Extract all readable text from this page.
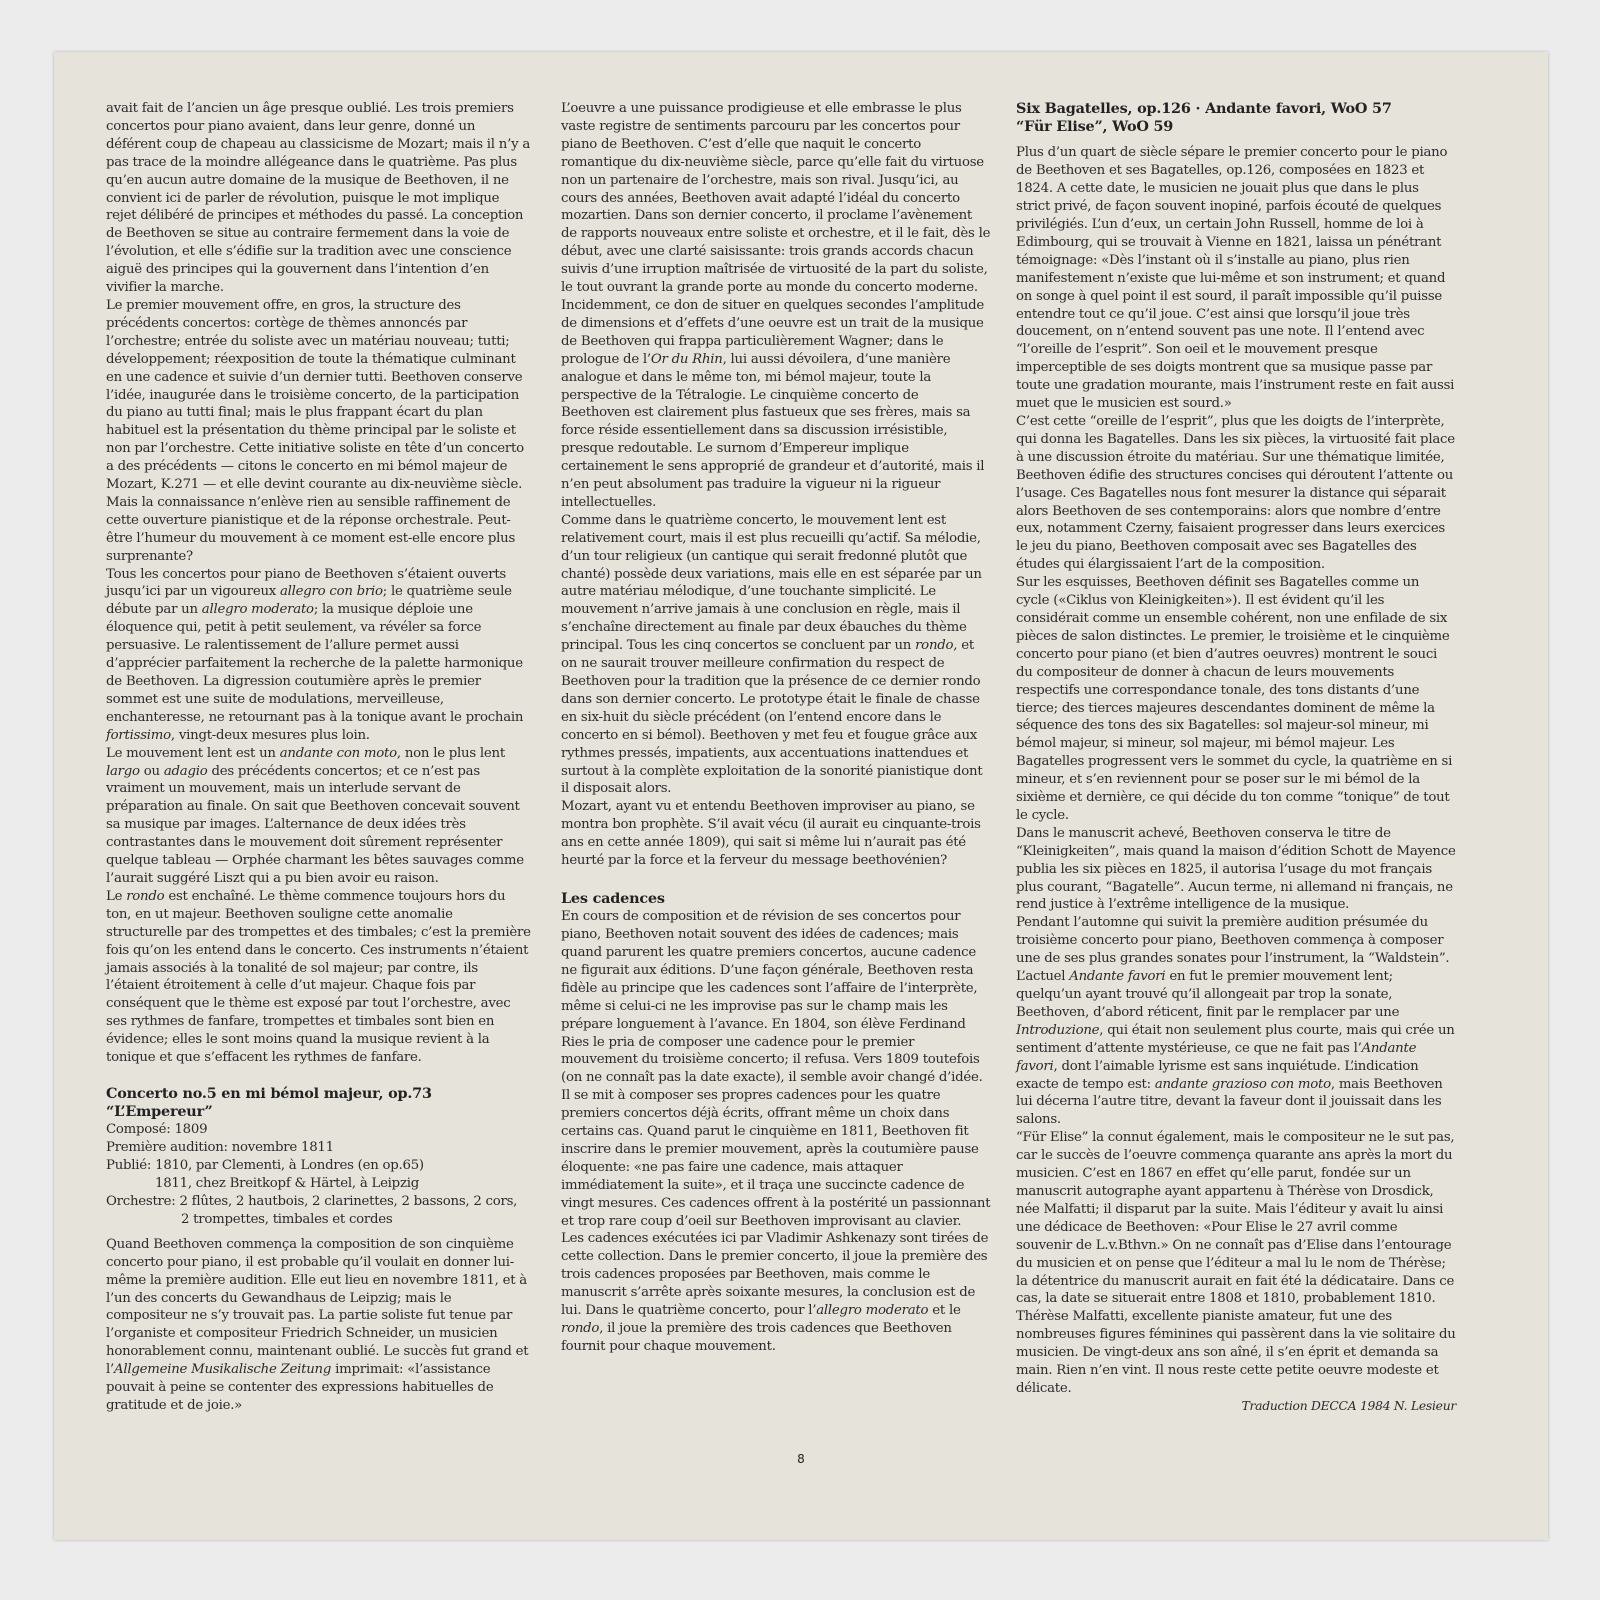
avait fait de l’ancien un âge presque oublié. Les trois premiers concertos pour piano avaient, dans leur genre, donné un déférent coup de chapeau au classicisme de Mozart; mais il n’y a pas trace de la moindre allégeance dans le quatrième. Pas plus qu’en aucun autre domaine de la musique de Beethoven, il ne convient ici de parler de révolution, puisque le mot implique rejet délibéré de principes et méthodes du passé. La conception de Beethoven se situe au contraire fermement dans la voie de l’évolution, et elle s’édifie sur la tradition avec une conscience aiguë des principes qui la gouvernent dans l’intention d’en vivifier la marche.

Le premier mouvement offre, en gros, la structure des précédents concertos: cortège de thèmes annoncés par l’orchestre; entrée du soliste avec un matériau nouveau; tutti; développement; réexposition de toute la thématique culminant en une cadence et suivie d’un dernier tutti. Beethoven conserve l’idée, inaugurée dans le troisième concerto, de la participation du piano au tutti final; mais le plus frappant écart du plan habituel est la présentation du thème principal par le soliste et non par l’orchestre. Cette initiative soliste en tête d’un concerto a des précédents — citons le concerto en mi bémol majeur de Mozart, K.271 — et elle devint courante au dix-neuvième siècle. Mais la connaissance n’enlève rien au sensible raffinement de cette ouverture pianistique et de la réponse orchestrale. Peut-être l’humeur du mouvement à ce moment est-elle encore plus surprenante?

Tous les concertos pour piano de Beethoven s’étaient ouverts jusqu’ici par un vigoureux allegro con brio; le quatrième seule débute par un allegro moderato; la musique déploie une éloquence qui, petit à petit seulement, va révéler sa force persuasive. Le ralentissement de l’allure permet aussi d’apprécier parfaitement la recherche de la palette harmonique de Beethoven. La digression coutumière après le premier sommet est une suite de modulations, merveilleuse, enchanteresse, ne retournant pas à la tonique avant le prochain fortissimo, vingt-deux mesures plus loin.

Le mouvement lent est un andante con moto, non le plus lent largo ou adagio des précédents concertos; et ce n’est pas vraiment un mouvement, mais un interlude servant de préparation au finale. On sait que Beethoven concevait souvent sa musique par images. L’alternance de deux idées très contrastantes dans le mouvement doit sûrement représenter quelque tableau — Orphée charmant les bêtes sauvages comme l’aurait suggéré Liszt qui a pu bien avoir eu raison.

Le rondo est enchaîné. Le thème commence toujours hors du ton, en ut majeur. Beethoven souligne cette anomalie structurelle par des trompettes et des timbales; c’est la première fois qu’on les entend dans le concerto. Ces instruments n’étaient jamais associés à la tonalité de sol majeur; par contre, ils l’étaient étroitement à celle d’ut majeur. Chaque fois par conséquent que le thème est exposé par tout l’orchestre, avec ses rythmes de fanfare, trompettes et timbales sont bien en évidence; elles le sont moins quand la musique revient à la tonique et que s’effacent les rythmes de fanfare.

Concerto no.5 en mi bémol majeur, op.73
“L’Empereur”
Composé: 1809
Première audition: novembre 1811
Publié: 1810, par Clementi, à Londres (en op.65)
1811, chez Breitkopf & Härtel, à Leipzig
Orchestre: 2 flûtes, 2 hautbois, 2 clarinettes, 2 bassons, 2 cors,
2 trompettes, timbales et cordes

Quand Beethoven commença la composition de son cinquième concerto pour piano, il est probable qu’il voulait en donner lui-même la première audition. Elle eut lieu en novembre 1811, et à l’un des concerts du Gewandhaus de Leipzig; mais le compositeur ne s’y trouvait pas. La partie soliste fut tenue par l’organiste et compositeur Friedrich Schneider, un musicien honorablement connu, maintenant oublié. Le succès fut grand et l’Allgemeine Musikalische Zeitung imprimait: «l’assistance pouvait à peine se contenter des expressions habituelles de gratitude et de joie.»

L’oeuvre a une puissance prodigieuse et elle embrasse le plus vaste registre de sentiments parcouru par les concertos pour piano de Beethoven. C’est d’elle que naquit le concerto romantique du dix-neuvième siècle, parce qu’elle fait du virtuose non un partenaire de l’orchestre, mais son rival. Jusqu’ici, au cours des années, Beethoven avait adapté l’idéal du concerto mozartien. Dans son dernier concerto, il proclame l’avènement de rapports nouveaux entre soliste et orchestre, et il le fait, dès le début, avec une clarté saisissante: trois grands accords chacun suivis d’une irruption maîtrisée de virtuosité de la part du soliste, le tout ouvrant la grande porte au monde du concerto moderne. Incidemment, ce don de situer en quelques secondes l’amplitude de dimensions et d’effets d’une oeuvre est un trait de la musique de Beethoven qui frappa particulièrement Wagner; dans le prologue de l’Or du Rhin, lui aussi dévoilera, d’une manière analogue et dans le même ton, mi bémol majeur, toute la perspective de la Tétralogie. Le cinquième concerto de Beethoven est clairement plus fastueux que ses frères, mais sa force réside essentiellement dans sa discussion irrésistible, presque redoutable. Le surnom d’Empereur implique certainement le sens approprié de grandeur et d’autorité, mais il n’en peut absolument pas traduire la vigueur ni la rigueur intellectuelles.

Comme dans le quatrième concerto, le mouvement lent est relativement court, mais il est plus recueilli qu’actif. Sa mélodie, d’un tour religieux (un cantique qui serait fredonné plutôt que chanté) possède deux variations, mais elle en est séparée par un autre matériau mélodique, d’une touchante simplicité. Le mouvement n’arrive jamais à une conclusion en règle, mais il s’enchaîne directement au finale par deux ébauches du thème principal. Tous les cinq concertos se concluent par un rondo, et on ne saurait trouver meilleure confirmation du respect de Beethoven pour la tradition que la présence de ce dernier rondo dans son dernier concerto. Le prototype était le finale de chasse en six-huit du siècle précédent (on l’entend encore dans le concerto en si bémol). Beethoven y met feu et fougue grâce aux rythmes pressés, impatients, aux accentuations inattendues et surtout à la complète exploitation de la sonorité pianistique dont il disposait alors.

Mozart, ayant vu et entendu Beethoven improviser au piano, se montra bon prophète. S’il avait vécu (il aurait eu cinquante-trois ans en cette année 1809), qui sait si même lui n’aurait pas été heurté par la force et la ferveur du message beethovénien?

Les cadences

En cours de composition et de révision de ses concertos pour piano, Beethoven notait souvent des idées de cadences; mais quand parurent les quatre premiers concertos, aucune cadence ne figurait aux éditions. D’une façon générale, Beethoven resta fidèle au principe que les cadences sont l’affaire de l’interprète, même si celui-ci ne les improvise pas sur le champ mais les prépare longuement à l’avance. En 1804, son élève Ferdinand Ries le pria de composer une cadence pour le premier mouvement du troisième concerto; il refusa. Vers 1809 toutefois (on ne connaît pas la date exacte), il semble avoir changé d’idée. Il se mit à composer ses propres cadences pour les quatre premiers concertos déjà écrits, offrant même un choix dans certains cas. Quand parut le cinquième en 1811, Beethoven fit inscrire dans le premier mouvement, après la coutumière pause éloquente: «ne pas faire une cadence, mais attaquer immédiatement la suite», et il traça une succincte cadence de vingt mesures. Ces cadences offrent à la postérité un passionnant et trop rare coup d’oeil sur Beethoven improvisant au clavier.

Les cadences exécutées ici par Vladimir Ashkenazy sont tirées de cette collection. Dans le premier concerto, il joue la première des trois cadences proposées par Beethoven, mais comme le manuscrit s’arrête après soixante mesures, la conclusion est de lui. Dans le quatrième concerto, pour l’allegro moderato et le rondo, il joue la première des trois cadences que Beethoven fournit pour chaque mouvement.

Six Bagatelles, op.126 · Andante favori, WoO 57
“Für Elise”, WoO 59

Plus d’un quart de siècle sépare le premier concerto pour le piano de Beethoven et ses Bagatelles, op.126, composées en 1823 et 1824. A cette date, le musicien ne jouait plus que dans le plus strict privé, de façon souvent inopiné, parfois écouté de quelques privilégiés. L’un d’eux, un certain John Russell, homme de loi à Edimbourg, qui se trouvait à Vienne en 1821, laissa un pénétrant témoignage: «Dès l’instant où il s’installe au piano, plus rien manifestement n’existe que lui-même et son instrument; et quand on songe à quel point il est sourd, il paraît impossible qu’il puisse entendre tout ce qu’il joue. C’est ainsi que lorsqu’il joue très doucement, on n’entend souvent pas une note. Il l’entend avec “l’oreille de l’esprit”. Son oeil et le mouvement presque imperceptible de ses doigts montrent que sa musique passe par toute une gradation mourante, mais l’instrument reste en fait aussi muet que le musicien est sourd.»

C’est cette “oreille de l’esprit”, plus que les doigts de l’interprète, qui donna les Bagatelles. Dans les six pièces, la virtuosité fait place à une discussion étroite du matériau. Sur une thématique limitée, Beethoven édifie des structures concises qui déroutent l’attente ou l’usage. Ces Bagatelles nous font mesurer la distance qui séparait alors Beethoven de ses contemporains: alors que nombre d’entre eux, notamment Czerny, faisaient progresser dans leurs exercices le jeu du piano, Beethoven composait avec ses Bagatelles des études qui élargissaient l’art de la composition.

Sur les esquisses, Beethoven définit ses Bagatelles comme un cycle («Ciklus von Kleinigkeiten»). Il est évident qu’il les considérait comme un ensemble cohérent, non une enfilade de six pièces de salon distinctes. Le premier, le troisième et le cinquième concerto pour piano (et bien d’autres oeuvres) montrent le souci du compositeur de donner à chacun de leurs mouvements respectifs une correspondance tonale, des tons distants d’une tierce; des tierces majeures descendantes dominent de même la séquence des tons des six Bagatelles: sol majeur-sol mineur, mi bémol majeur, si mineur, sol majeur, mi bémol majeur. Les Bagatelles progressent vers le sommet du cycle, la quatrième en si mineur, et s’en reviennent pour se poser sur le mi bémol de la sixième et dernière, ce qui décide du ton comme “tonique” de tout le cycle.

Dans le manuscrit achevé, Beethoven conserva le titre de “Kleinigkeiten”, mais quand la maison d’édition Schott de Mayence publia les six pièces en 1825, il autorisa l’usage du mot français plus courant, “Bagatelle”. Aucun terme, ni allemand ni français, ne rend justice à l’extrême intelligence de la musique.

Pendant l’automne qui suivit la première audition présumée du troisième concerto pour piano, Beethoven commença à composer une de ses plus grandes sonates pour l’instrument, la “Waldstein”. L’actuel Andante favori en fut le premier mouvement lent; quelqu’un ayant trouvé qu’il allongeait par trop la sonate, Beethoven, d’abord réticent, finit par le remplacer par une Introduzione, qui était non seulement plus courte, mais qui crée un sentiment d’attente mystérieuse, ce que ne fait pas l’Andante favori, dont l’aimable lyrisme est sans inquiétude. L’indication exacte de tempo est: andante grazioso con moto, mais Beethoven lui décerna l’autre titre, devant la faveur dont il jouissait dans les salons.

“Für Elise” la connut également, mais le compositeur ne le sut pas, car le succès de l’oeuvre commença quarante ans après la mort du musicien. C’est en 1867 en effet qu’elle parut, fondée sur un manuscrit autographe ayant appartenu à Thérèse von Drosdick, née Malfatti; il disparut par la suite. Mais l’éditeur y avait lu ainsi une dédicace de Beethoven: «Pour Elise le 27 avril comme souvenir de L.v.Bthvn.» On ne connaît pas d’Elise dans l’entourage du musicien et on pense que l’éditeur a mal lu le nom de Thérèse; la détentrice du manuscrit aurait en fait été la dédicataire. Dans ce cas, la date se situerait entre 1808 et 1810, probablement 1810. Thérèse Malfatti, excellente pianiste amateur, fut une des nombreuses figures féminines qui passèrent dans la vie solitaire du musicien. De vingt-deux ans son aîné, il s’en éprit et demanda sa main. Rien n’en vint. Il nous reste cette petite oeuvre modeste et délicate.

Traduction DECCA 1984 N. Lesieur

8
